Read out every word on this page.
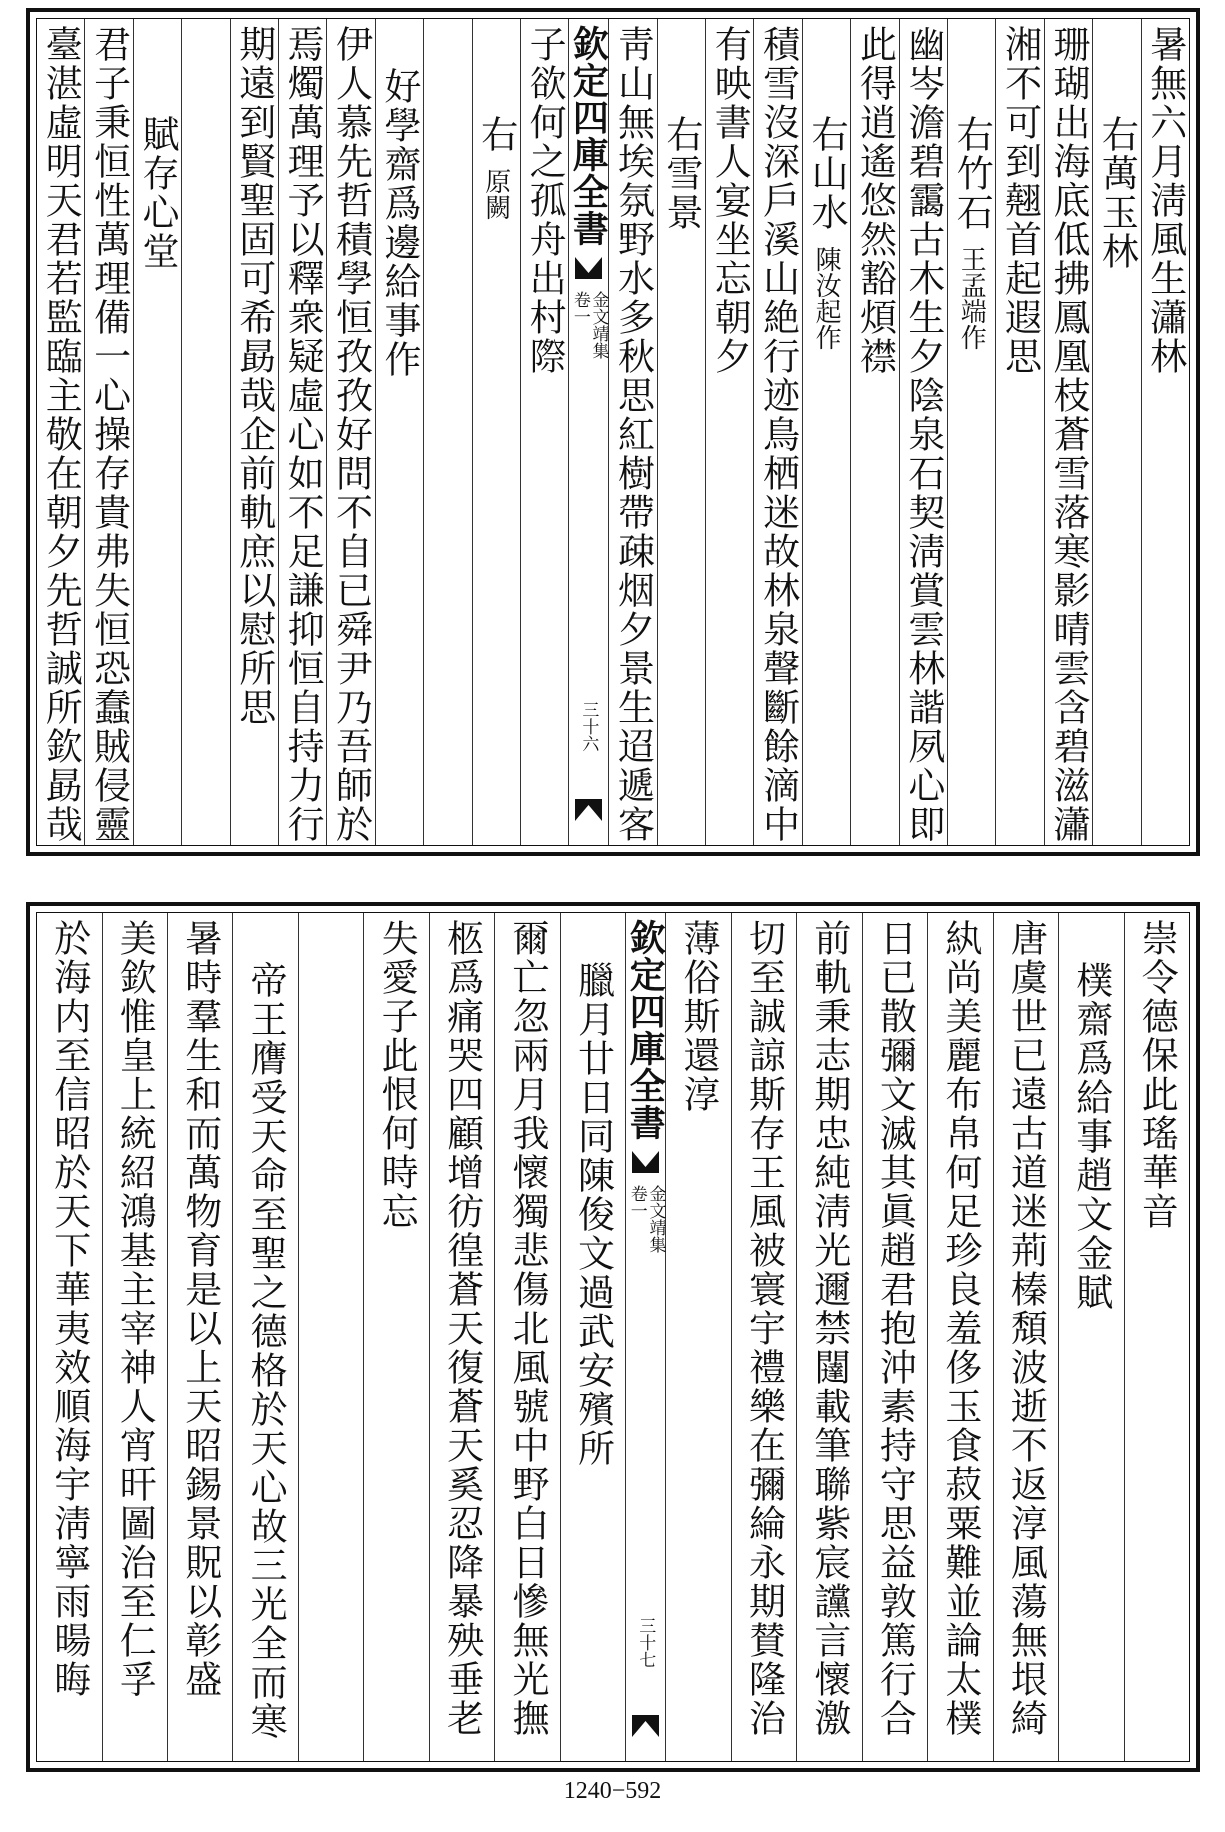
暑無六月淸風生瀟林
右萬玉林
珊瑚出海底低拂鳳凰枝蒼雪落寒影晴雲含碧滋瀟
湘不可到翹首起遐思
右竹石
王孟端作
幽岑澹碧靄古木生夕陰泉石契淸賞雲林諧夙心即
此得逍遙悠然豁煩襟
右山水
陳汝起作
積雪沒深戶溪山絶行迹鳥栖迷故林泉聲斷餘滴中
有映書人宴坐忘朝夕
右雪景
靑山無埃氛野水多秋思紅樹帶疎烟夕景生迢遞客
欽定四庫全書
金文靖集
卷一
三十六
子欲何之孤舟出村際
右
原闕
好學齋爲邊給事作
伊人慕先哲積學恒孜孜好問不自已舜尹乃吾師於
焉燭萬理予以釋衆疑虛心如不足謙抑恒自持力行
期遠到賢聖固可希勗哉企前軌庶以慰所思
賦存心堂
君子秉恒性萬理備一心操存貴弗失恒恐蠢賊侵靈
臺湛虛明天君若監臨主敬在朝夕先哲誠所欽勗哉
崇令德保此瑤華音
樸齋爲給事趙文金賦
唐虞世已遠古道迷荊榛頽波逝不返淳風蕩無垠綺
紈尚美麗布帛何足珍良羞侈玉食菽粟難並論太樸
日已散彌文滅其眞趙君抱沖素持守思益敦篤行合
前軌秉志期忠純淸光邇禁闥載筆聯紫宸讜言懷激
切至誠諒斯存王風被寰宇禮樂在彌綸永期賛隆治
薄俗斯還淳
欽定四庫全書
金文靖集
卷一
三十七
臘月廿日同陳俊文過武安殯所
爾亡忽兩月我懷獨悲傷北風號中野白日慘無光撫
柩爲痛哭四顧增彷徨蒼天復蒼天奚忍降暴殃垂老
失愛子此恨何時忘
帝王膺受天命至聖之德格於天心故三光全而寒
暑時羣生和而萬物育是以上天昭錫景貺以彰盛
美欽惟皇上統紹鴻基主宰神人宵旰圖治至仁孚
於海内至信昭於天下華夷效順海宇淸寧雨暘晦
1240−592
